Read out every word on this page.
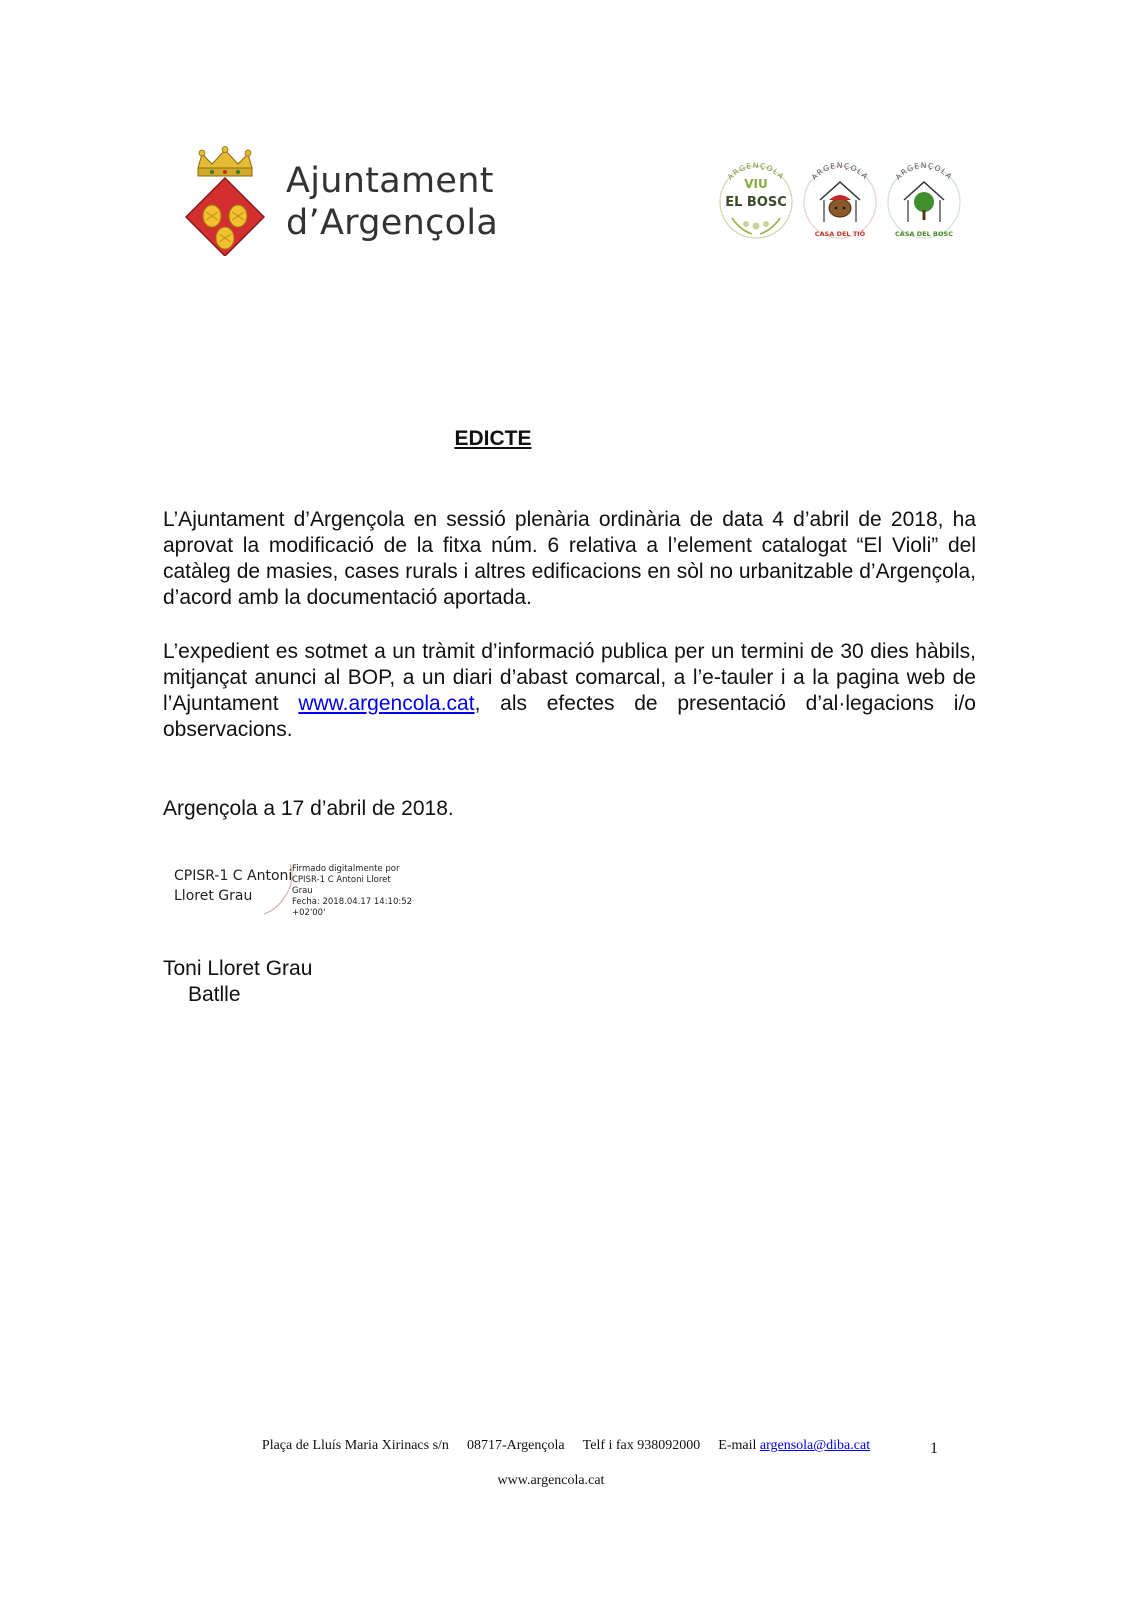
Ajuntament
d’Argençola
ARGENÇOLA
VIU
EL BOSC
ARGENÇOLA
CASA DEL TIÓ
ARGENÇOLA
CASA DEL BOSC
EDICTE

L’Ajuntament d’Argençola en sessió plenària ordinària de data 4 d’abril de 2018, ha aprovat la modificació de la fitxa núm. 6 relativa a l’element catalogat “El Violi” del catàleg de masies, cases rurals i altres edificacions en sòl no urbanitzable d’Argençola, d’acord amb la documentació aportada.

L’expedient es sotmet a un tràmit d’informació publica per un termini de 30 dies hàbils, mitjançat anunci al BOP, a un diari d’abast comarcal, a l’e-tauler i a la pagina web de l’Ajuntament www.argencola.cat, als efectes de presentació d’al·legacions i/o observacions.

Argençola a 17 d’abril de 2018.
CPISR-1 C Antoni
Lloret Grau
Firmado digitalmente por
CPISR-1 C Antoni Lloret Grau
Fecha: 2018.04.17 14:10:52
+02'00'
Toni Lloret Grau
Batlle
Plaça de Lluís Maria Xirinacs s/n 08717-Argençola Telf i fax 938092000 E-mail argensola@diba.cat	1
www.argencola.cat
